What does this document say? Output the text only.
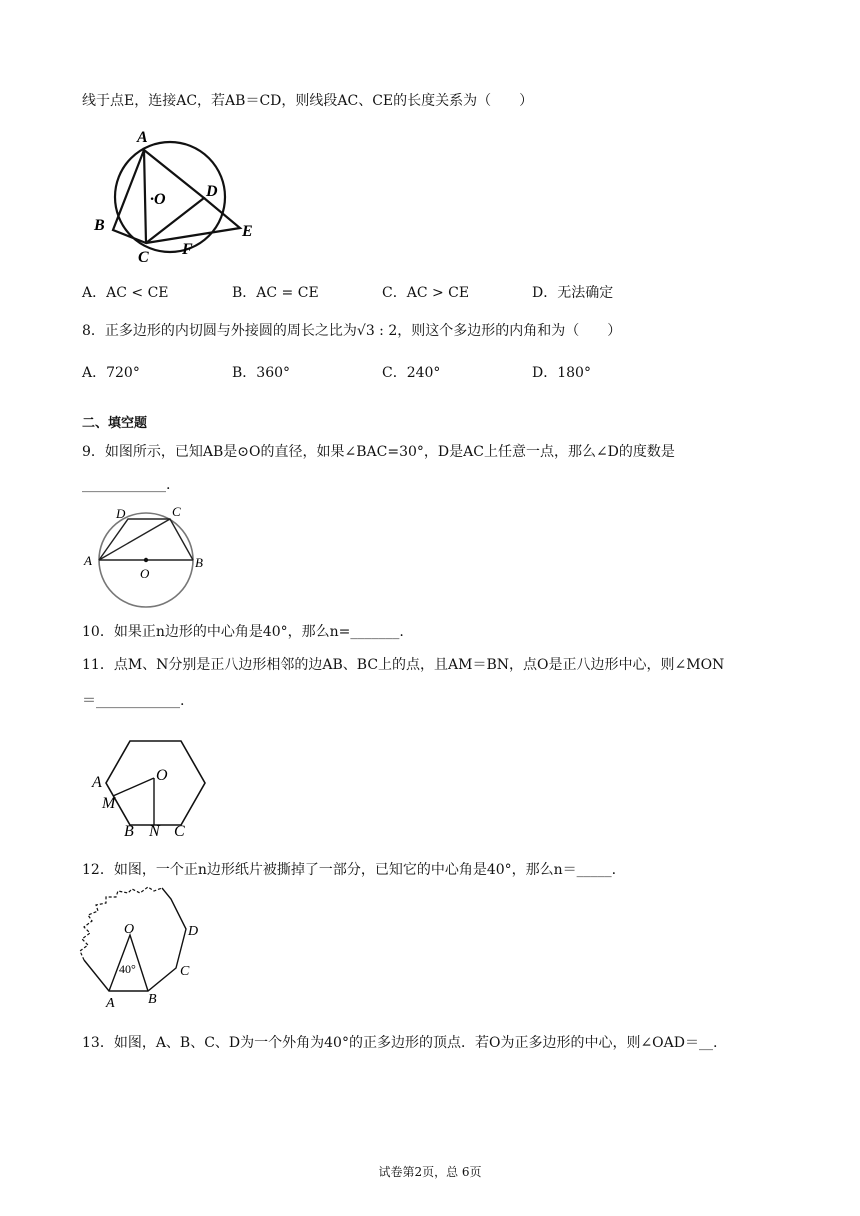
线于点E，连接AC，若AB＝CD，则线段AC、CE的长度关系为（　　）
A
·O	D
B
C F
E
A．AC < CE	B．AC = CE	C．AC > CE	D．无法确定
8．正多边形的内切圆与外接圆的周长之比为√3 : 2，则这个多边形的内角和为（　　）
A．720°	B．360°	C．240°	D．180°
二、填空题
9．如图所示，已知AB是⊙O的直径，如果∠BAC=30°，D是AC上任意一点，那么∠D的度数是
____________.
D	C
A
O
B
10．如果正n边形的中心角是40°，那么n=_______.
11．点M、N分别是正八边形相邻的边AB、BC上的点，且AM＝BN，点O是正八边形中心，则∠MON
＝____________.
O
A
M
B N C
12．如图，一个正n边形纸片被撕掉了一部分，已知它的中心角是40°，那么n＝_____.
O
40°
D
C
A B
13．如图，A、B、C、D为一个外角为40°的正多边形的顶点．若O为正多边形的中心，则∠OAD＝__.
试卷第2页，总 6页
